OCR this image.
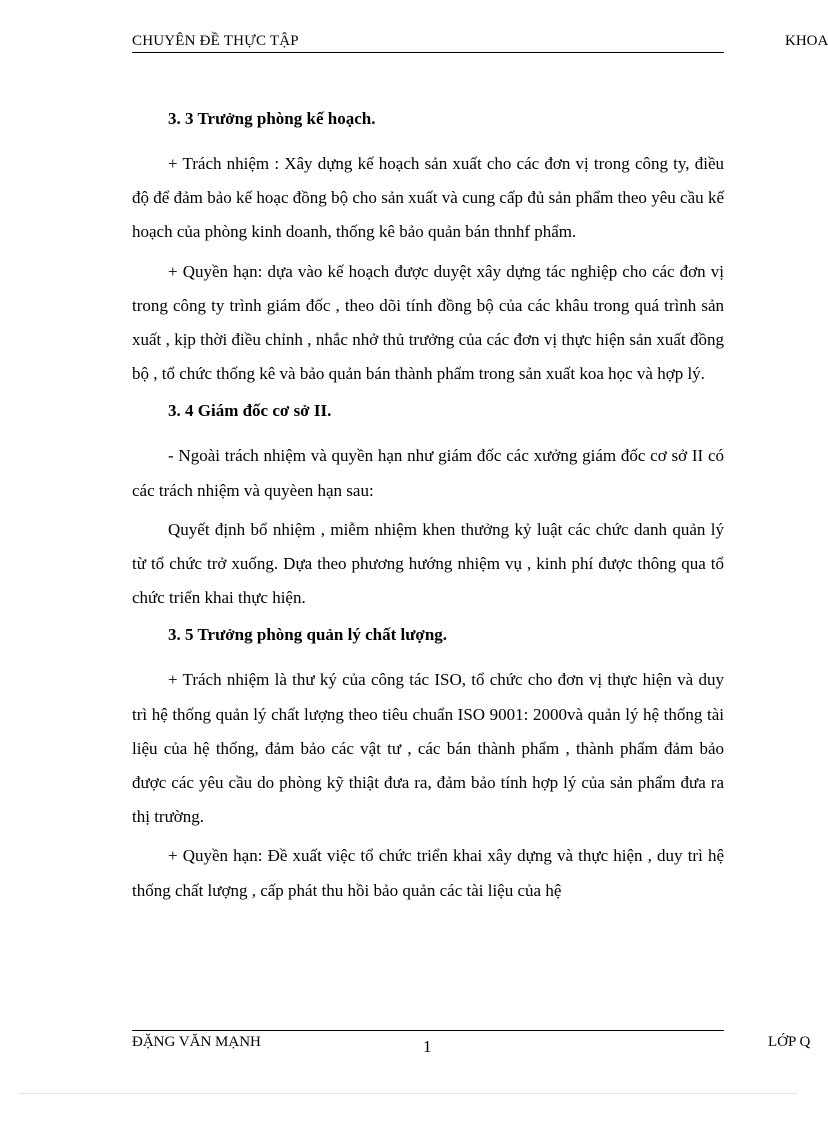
CHUYÊN ĐỀ THỰC TẬP	KHOA
3. 3 Trưởng phòng kế hoạch.

+ Trách nhiệm : Xây dựng kế hoạch sản xuất cho các đơn vị trong công ty, điều độ để đảm bảo kế hoạc đồng bộ cho sản xuất và cung cấp đủ sản phẩm theo yêu cầu kế hoạch của phòng kinh doanh, thống kê bảo quản bán thnhf phẩm.

+ Quyền hạn: dựa vào kế hoạch được duyệt xây dựng tác nghiệp cho các đơn vị trong công ty trình giám đốc , theo dõi tính đồng bộ của các khâu trong quá trình sản xuất , kịp thời điều chỉnh , nhắc nhở thủ trưởng của các đơn vị thực hiện sản xuất đồng bộ , tổ chức thống kê và bảo quản bán thành phẩm trong sản xuất koa học và hợp lý.

3. 4 Giám đốc cơ sở II.

- Ngoài trách nhiệm và quyền hạn như giám đốc các xưởng giám đốc cơ sở II có các trách nhiệm và quyèen hạn sau:

Quyết định bổ nhiệm , miễm nhiệm khen thưởng kỷ luật các chức danh quản lý từ tổ chức trở xuống. Dựa theo phương hướng nhiệm vụ , kinh phí được thông qua tổ chức triển khai thực hiện.

3. 5 Trưởng phòng quản lý chất lượng.

+ Trách nhiệm là thư ký của công tác ISO, tổ chức cho đơn vị thực hiện và duy trì hệ thống quản lý chất lượng theo tiêu chuẩn ISO 9001: 2000và quản lý hệ thống tài liệu của hệ thống, đảm bảo các vật tư , các bán thành phẩm , thành phẩm đảm bảo được các yêu cầu do phòng kỹ thiật đưa ra, đảm bảo tính hợp lý của sản phẩm đưa ra thị trường.

+ Quyền hạn: Đề xuất việc tổ chức triển khai xây dựng và thực hiện , duy trì hệ thống chất lượng , cấp phát thu hồi bảo quản các tài liệu của hệ

ĐẶNG VĂN MẠNH	1	LỚP Q
